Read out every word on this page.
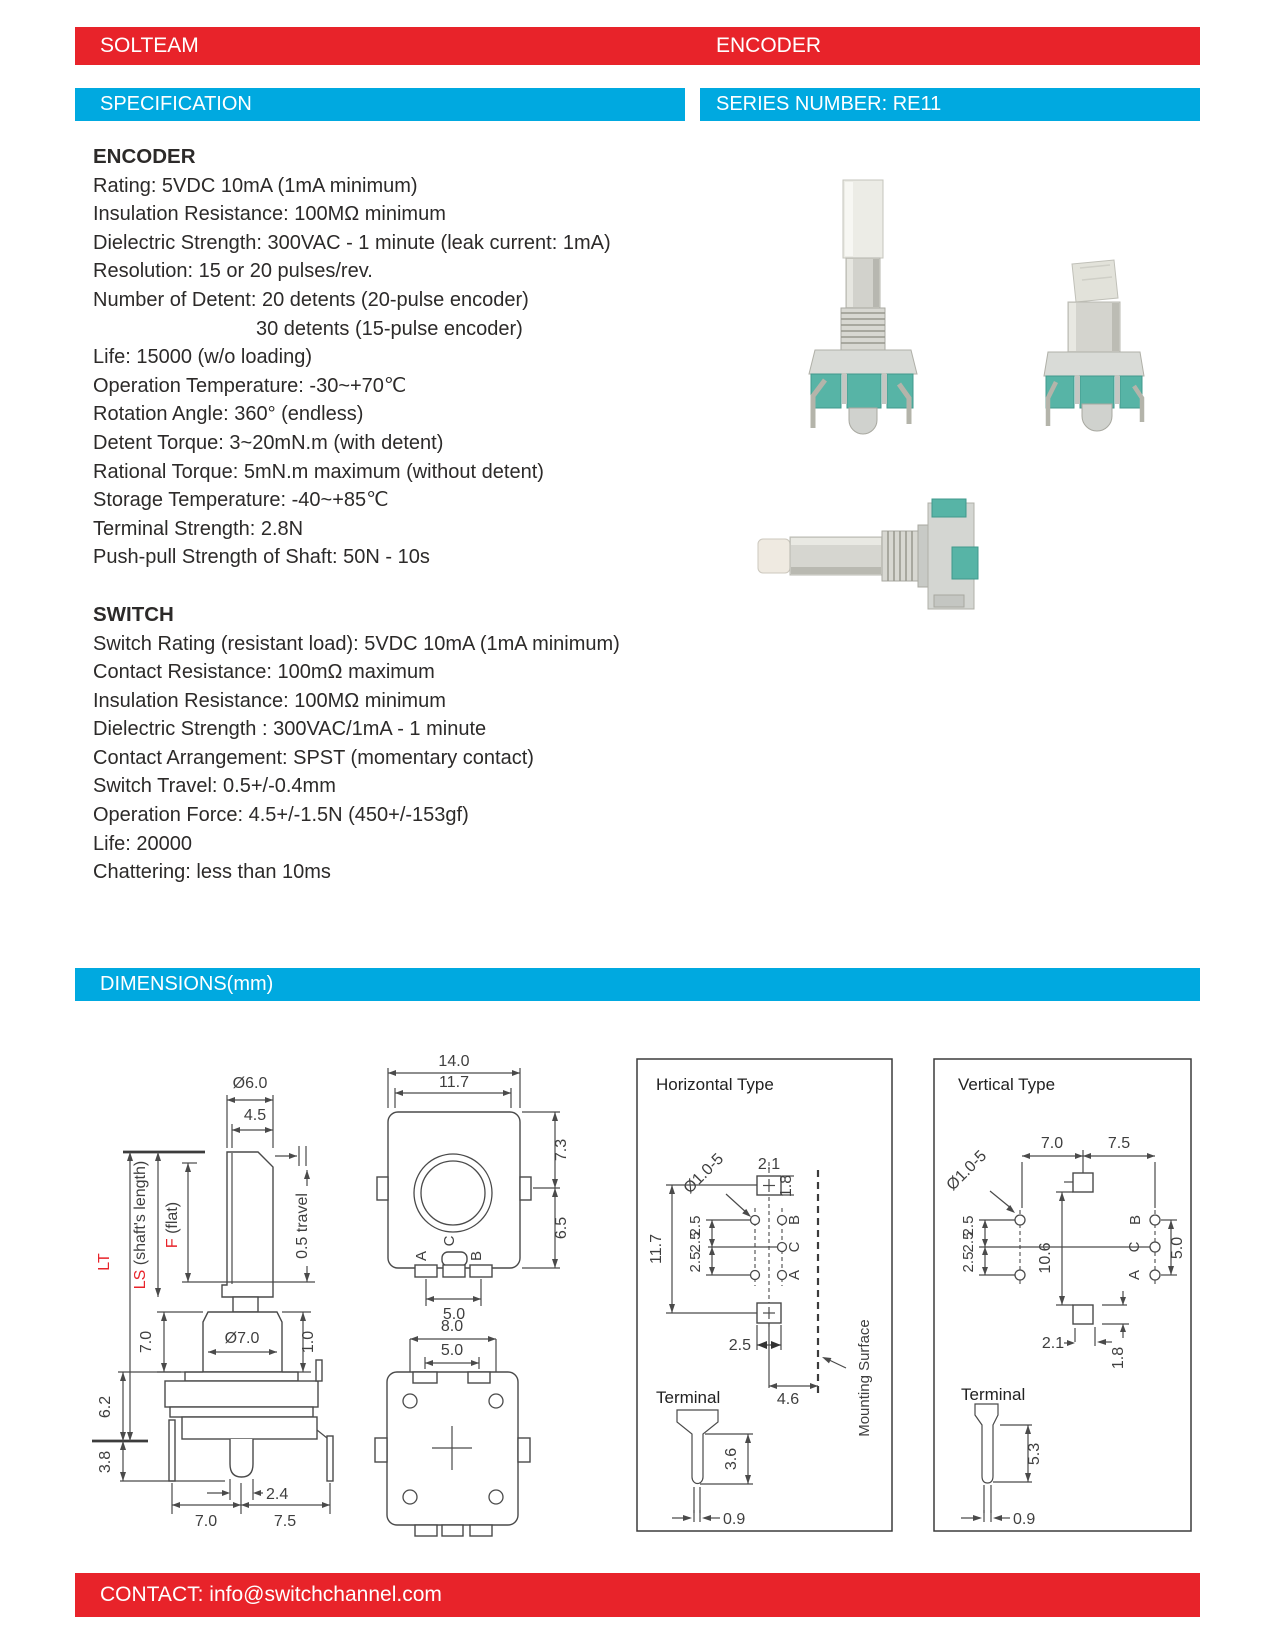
SOLTEAM	ENCODER
SPECIFICATION	SERIES NUMBER: RE11
ENCODER
Rating: 5VDC 10mA (1mA minimum)
Insulation Resistance: 100MΩ minimum
Dielectric Strength: 300VAC - 1 minute (leak current: 1mA)
Resolution: 15 or 20 pulses/rev.
Number of Detent: 20 detents (20-pulse encoder)
30 detents (15-pulse encoder)
Life: 15000 (w/o loading)
Operation Temperature: -30~+70℃
Rotation Angle: 360° (endless)
Detent Torque: 3~20mN.m (with detent)
Rational Torque: 5mN.m maximum (without detent)
Storage Temperature: -40~+85℃
Terminal Strength: 2.8N
Push-pull Strength of Shaft: 50N - 10s
SWITCH
Switch Rating (resistant load): 5VDC 10mA (1mA minimum)
Contact Resistance: 100mΩ maximum
Insulation Resistance: 100MΩ minimum
Dielectric Strength : 300VAC/1mA - 1 minute
Contact Arrangement: SPST (momentary contact)
Switch Travel: 0.5+/-0.4mm
Operation Force: 4.5+/-1.5N (450+/-153gf)
Life: 20000
Chattering: less than 10ms
DIMENSIONS(mm)
Ø6.0
4.5
LT
LS (shaft's length) F (flat)	0.5 travel
7.0	Ø7.0	1.0
6.2
3.8
2.4
7.0	7.5
A
C
B
14.0
11.7
7.3
6.5
5.0
8.0
5.0
Horizontal Type
2.1
1.8
Ø1.0-5
11.7
2.5
2.5
2.5
B
C
A
2.5
4.6	Mounting Surface
Terminal
3.6
0.9
Vertical Type
Ø1.0-5
7.0	7.5
10.6
2.5
2.5
2.5
B
C
A
5.0
2.1
1.8
Terminal
5.3
0.9
CONTACT: info@switchchannel.com
